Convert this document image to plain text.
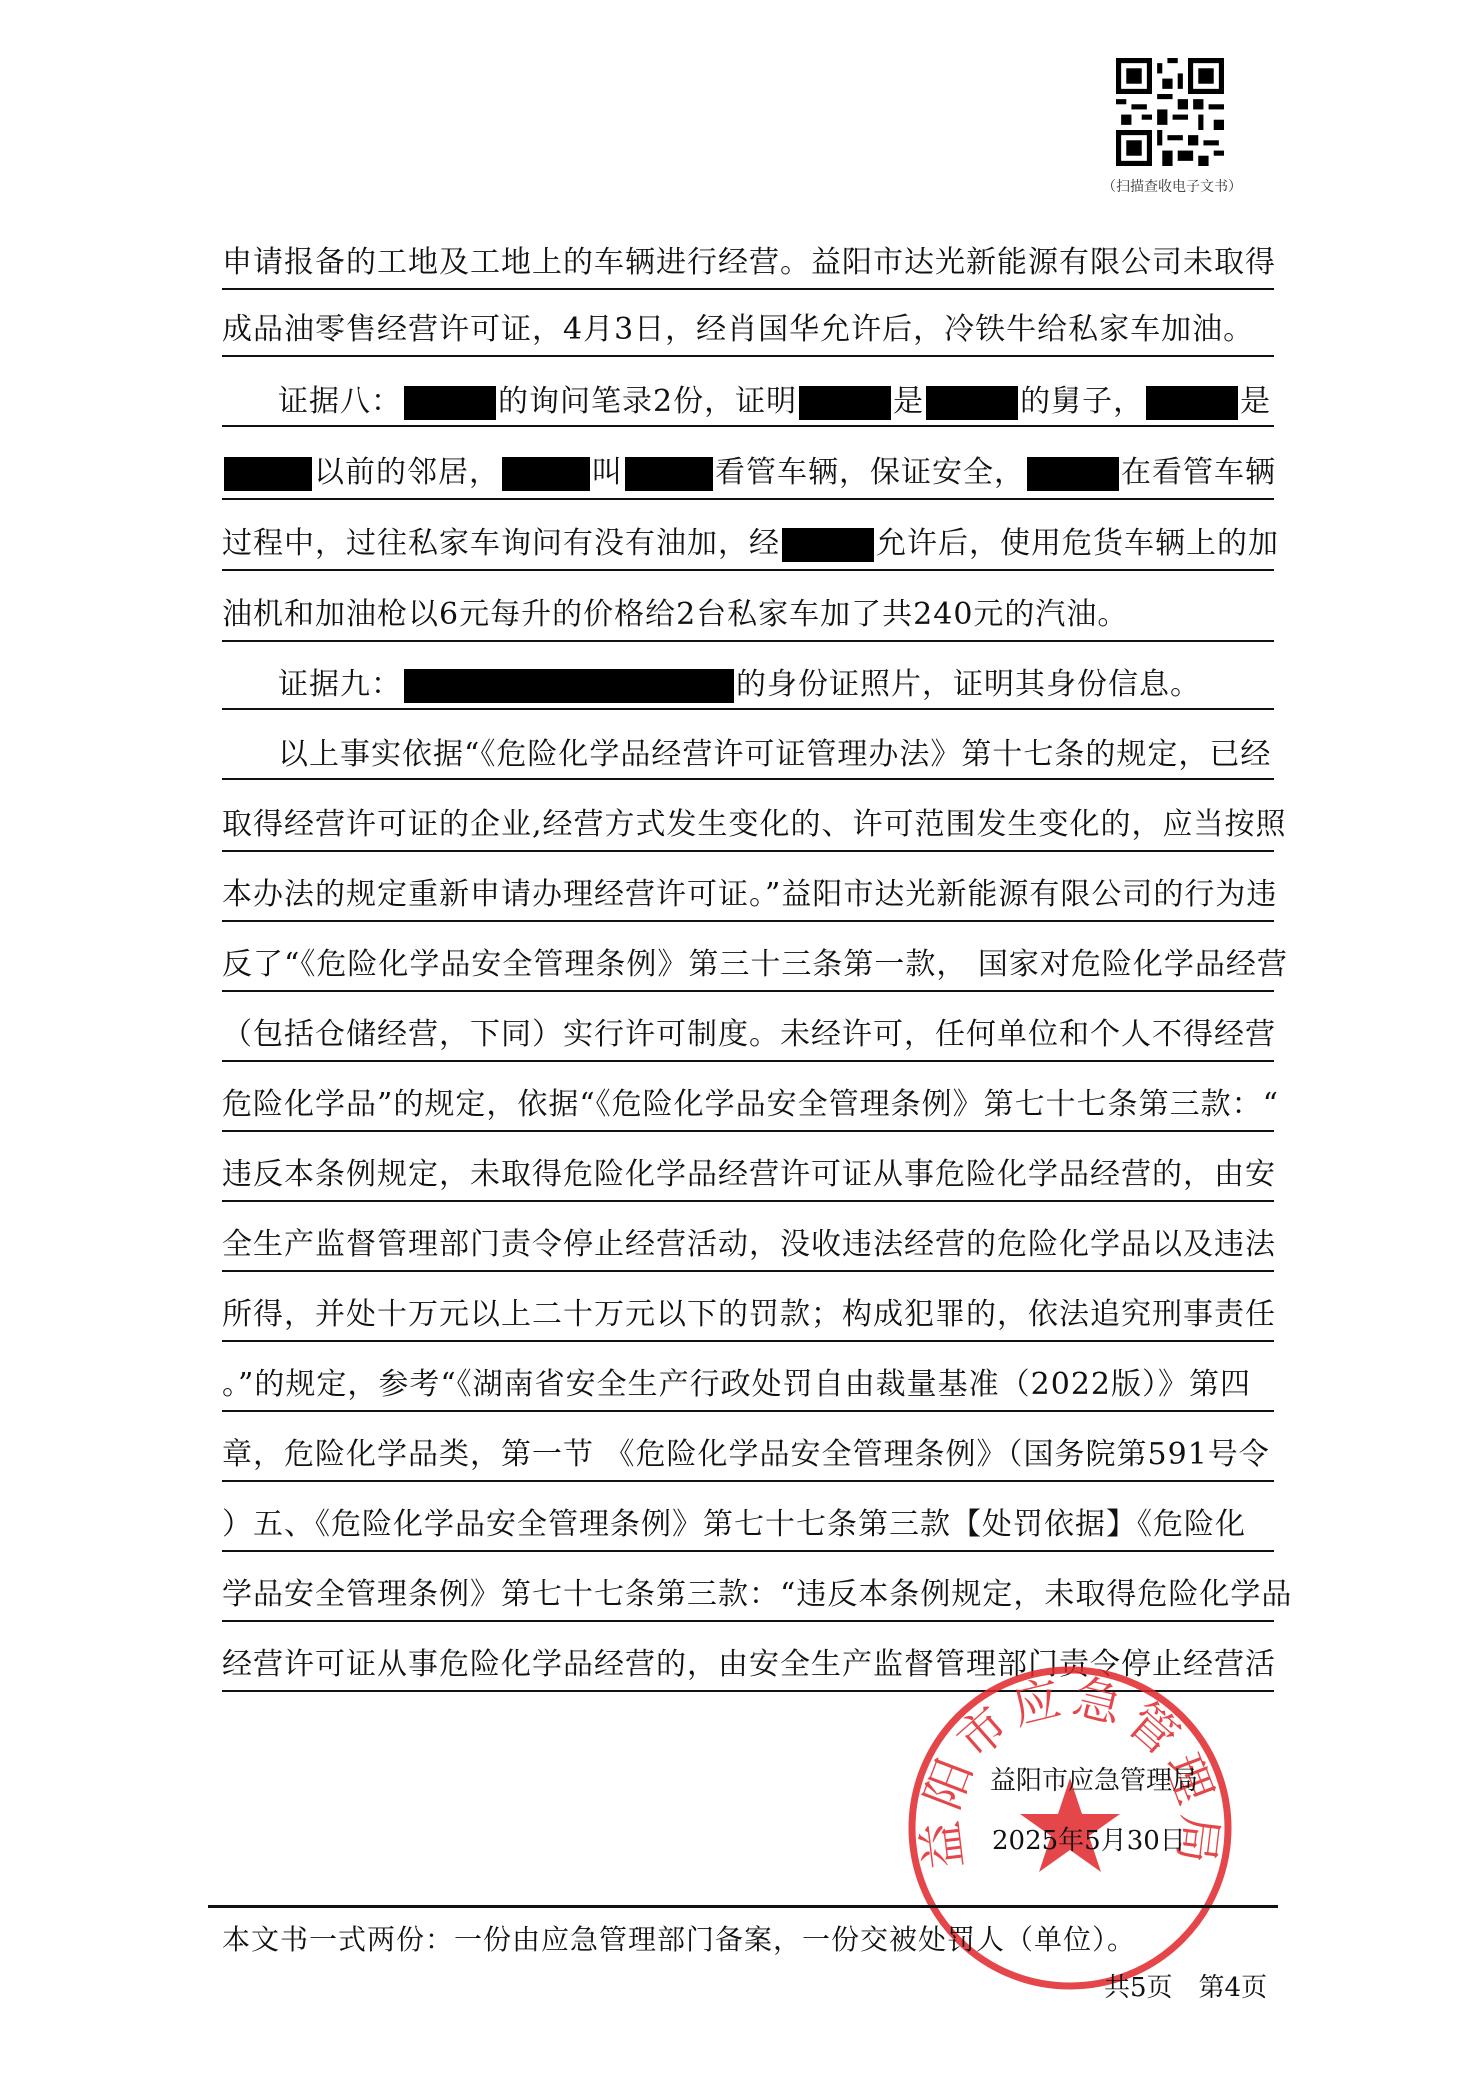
（扫描查收电子文书）
申请报备的工地及工地上的车辆进行经营。益阳市达光新能源有限公司未取得
成品油零售经营许可证，4月3日，经肖国华允许后，冷铁牛给私家车加油。
证据八：	的询问笔录2份，证明	是	的舅子，	是
以前的邻居，	叫	看管车辆，保证安全，	在看管车辆
过程中，过往私家车询问有没有油加，经	允许后，使用危货车辆上的加
油机和加油枪以6元每升的价格给2台私家车加了共240元的汽油。
证据九：	的身份证照片，证明其身份信息。
以上事实依据“《危险化学品经营许可证管理办法》第十七条的规定，已经
取得经营许可证的企业,经营方式发生变化的、许可范围发生变化的，应当按照
本办法的规定重新申请办理经营许可证。”益阳市达光新能源有限公司的行为违
反了“《危险化学品安全管理条例》第三十三条第一款， 国家对危险化学品经营
（包括仓储经营，下同）实行许可制度。未经许可，任何单位和个人不得经营
危险化学品”的规定，依据“《危险化学品安全管理条例》第七十七条第三款：“
违反本条例规定，未取得危险化学品经营许可证从事危险化学品经营的，由安
全生产监督管理部门责令停止经营活动，没收违法经营的危险化学品以及违法
所得，并处十万元以上二十万元以下的罚款；构成犯罪的，依法追究刑事责任
。”的规定，参考“《湖南省安全生产行政处罚自由裁量基准（2022版）》第四
章，危险化学品类，第一节 《危险化学品安全管理条例》（国务院第591号令
）五、《危险化学品安全管理条例》第七十七条第三款【处罚依据】《危险化
学品安全管理条例》第七十七条第三款：“违反本条例规定，未取得危险化学品
经营许可证从事危险化学品经营的，由安全生产监督管理部门责令停止经营活
益阳市应急管理局
益阳市应急管理局
2025年5月30日
本文书一式两份：一份由应急管理部门备案，一份交被处罚人（单位）。
共5页　第4页
